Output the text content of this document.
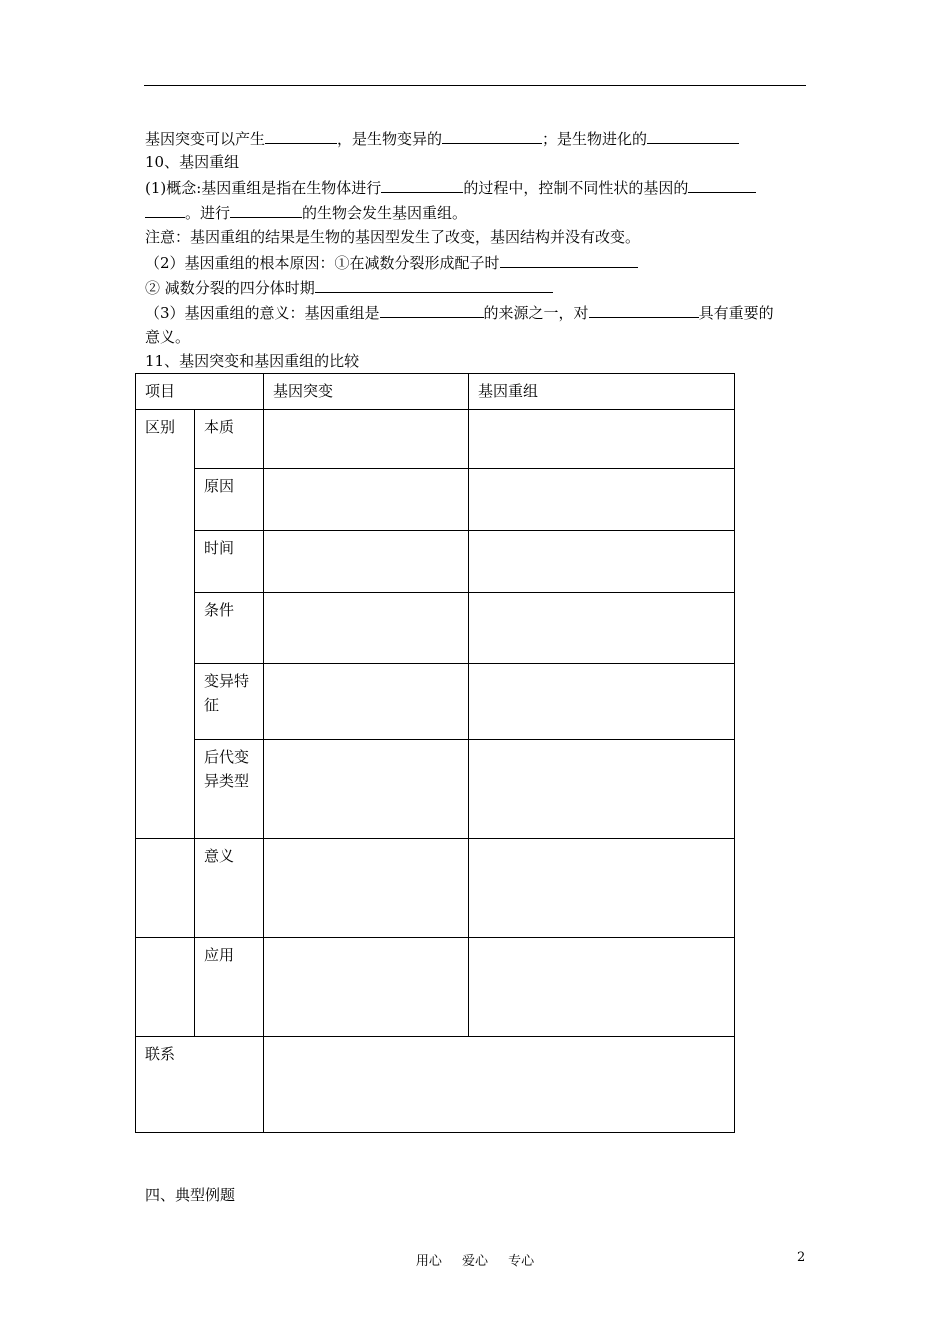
基因突变可以产生	，是生物变异的	；是生物进化的
10、基因重组
(1)概念:基因重组是指在生物体进行	的过程中，控制不同性状的基因的
。进行	的生物会发生基因重组。
注意：基因重组的结果是生物的基因型发生了改变，基因结构并没有改变。
（2）基因重组的根本原因：①在减数分裂形成配子时
② 减数分裂的四分体时期
（3）基因重组的意义：基因重组是	的来源之一，对	具有重要的
意义。
11、基因突变和基因重组的比较
项目		基因突变	基因重组
区别	本质		
	原因		
	时间		
	条件		
	变异特
征		
	后代变
异类型		
	意义		
	应用		
联系			
四、典型例题
用心 爱心 专心	2
